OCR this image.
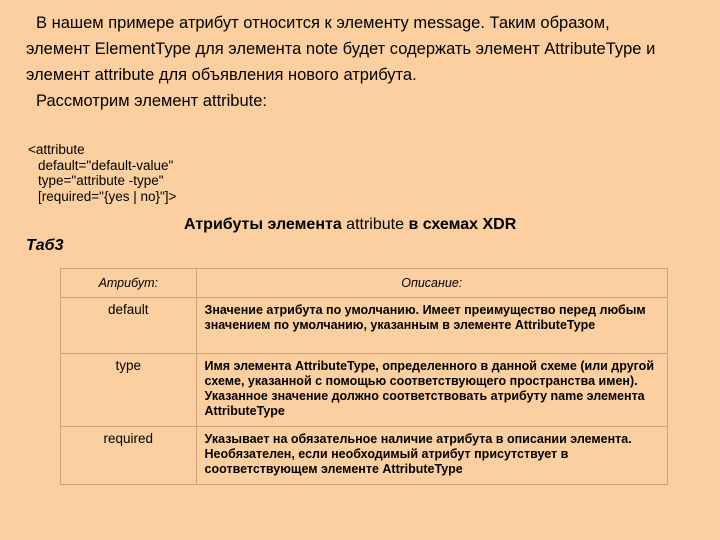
В нашем примере атрибут относится к элементу message. Таким образом,
элемент ElementType для элемента note будет содержать элемент AttributeType и
элемент attribute для объявления нового атрибута.
Рассмотрим элемент attribute:
<attribute
default="default-value"
type="attribute -type"
[required="{yes | no}"]>
Атрибуты элемента attribute в схемах XDR
Таб3
Атрибут:	Описание:

default	Значение атрибута по умолчанию. Имеет преимущество перед любым значением по умолчанию, указанным в элементе AttributeType

type	Имя элемента AttributeType, определенного в данной схеме (или другой схеме, указанной с помощью соответствующего пространства имен). Указанное значение должно соответствовать атрибуту name элемента AttributeType

required	Указывает на обязательное наличие атрибута в описании элемента. Необязателен, если необходимый атрибут присутствует в соответствующем элементе AttributeType
